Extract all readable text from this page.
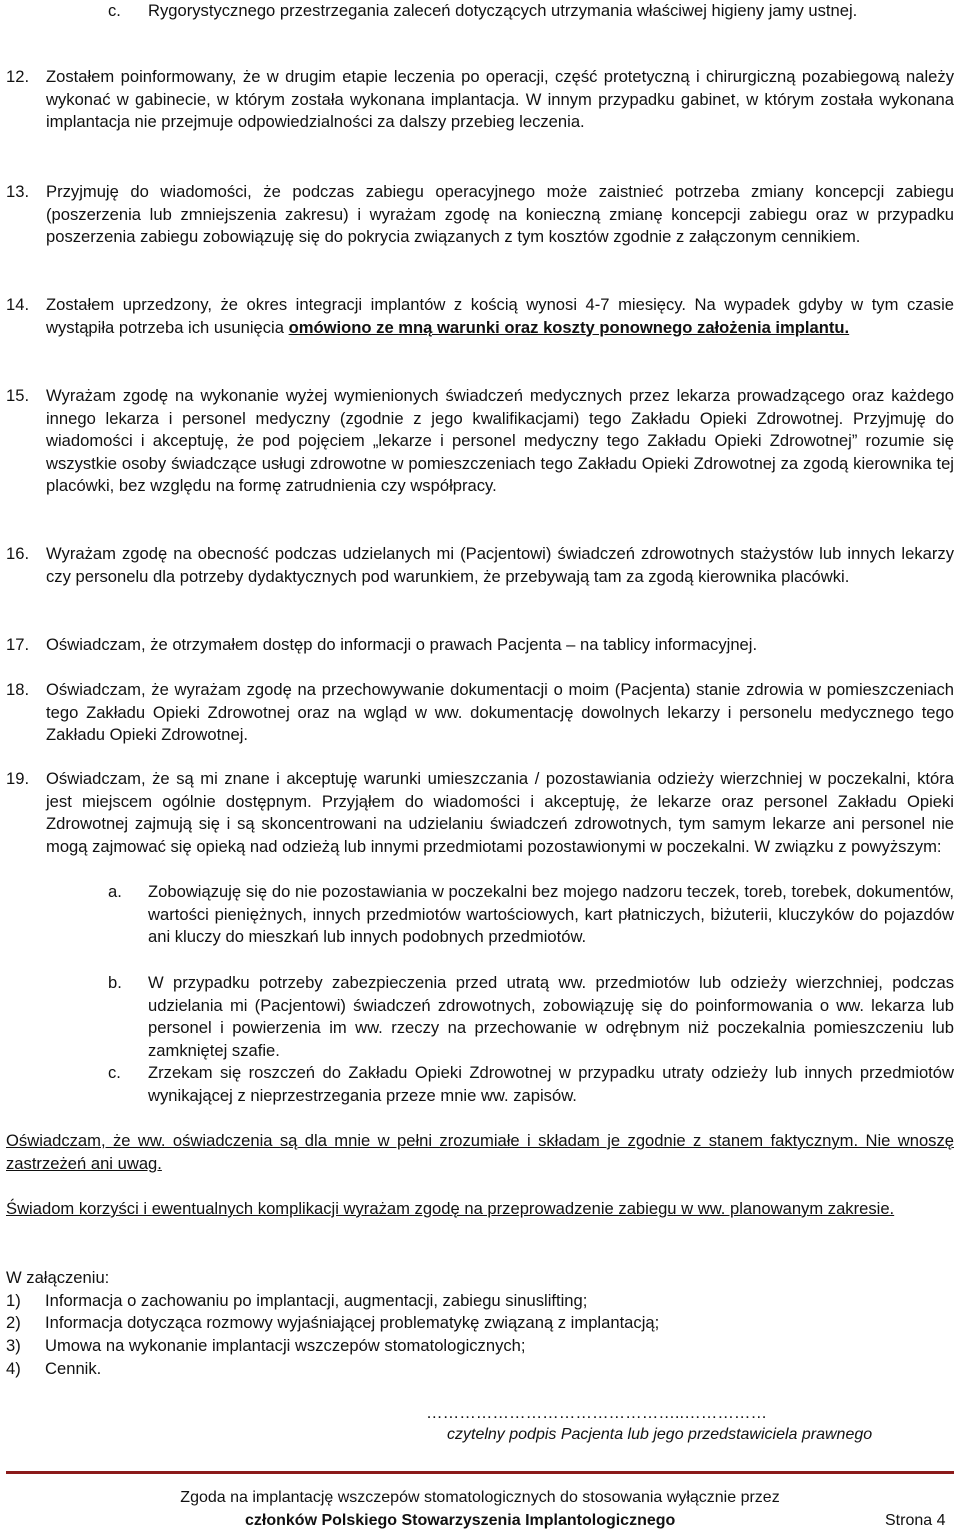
c. Rygorystycznego przestrzegania zaleceń dotyczących utrzymania właściwej higieny jamy ustnej.
12. Zostałem poinformowany, że w drugim etapie leczenia po operacji, część protetyczną i chirurgiczną pozabiegową należy wykonać w gabinecie, w którym została wykonana implantacja. W innym przypadku gabinet, w którym została wykonana implantacja nie przejmuje odpowiedzialności za dalszy przebieg leczenia.
13. Przyjmuję do wiadomości, że podczas zabiegu operacyjnego może zaistnieć potrzeba zmiany koncepcji zabiegu (poszerzenia lub zmniejszenia zakresu) i wyrażam zgodę na konieczną zmianę koncepcji zabiegu oraz w przypadku poszerzenia zabiegu zobowiązuję się do pokrycia związanych z tym kosztów zgodnie z załączonym cennikiem.
14. Zostałem uprzedzony, że okres integracji implantów z kością wynosi 4-7 miesięcy. Na wypadek gdyby w tym czasie wystąpiła potrzeba ich usunięcia omówiono ze mną warunki oraz koszty ponownego założenia implantu.
15. Wyrażam zgodę na wykonanie wyżej wymienionych świadczeń medycznych przez lekarza prowadzącego oraz każdego innego lekarza i personel medyczny (zgodnie z jego kwalifikacjami) tego Zakładu Opieki Zdrowotnej. Przyjmuję do wiadomości i akceptuję, że pod pojęciem „lekarze i personel medyczny tego Zakładu Opieki Zdrowotnej” rozumie się wszystkie osoby świadczące usługi zdrowotne w pomieszczeniach tego Zakładu Opieki Zdrowotnej za zgodą kierownika tej placówki, bez względu na formę zatrudnienia czy współpracy.
16. Wyrażam zgodę na obecność podczas udzielanych mi (Pacjentowi) świadczeń zdrowotnych stażystów lub innych lekarzy czy personelu dla potrzeby dydaktycznych pod warunkiem, że przebywają tam za zgodą kierownika placówki.
17. Oświadczam, że otrzymałem dostęp do informacji o prawach Pacjenta – na tablicy informacyjnej.
18. Oświadczam, że wyrażam zgodę na przechowywanie dokumentacji o moim (Pacjenta) stanie zdrowia w pomieszczeniach tego Zakładu Opieki Zdrowotnej oraz na wgląd w ww. dokumentację dowolnych lekarzy i personelu medycznego tego Zakładu Opieki Zdrowotnej.
19. Oświadczam, że są mi znane i akceptuję warunki umieszczania / pozostawiania odzieży wierzchniej w poczekalni, która jest miejscem ogólnie dostępnym. Przyjąłem do wiadomości i akceptuję, że lekarze oraz personel Zakładu Opieki Zdrowotnej zajmują się i są skoncentrowani na udzielaniu świadczeń zdrowotnych, tym samym lekarze ani personel nie mogą zajmować się opieką nad odzieżą lub innymi przedmiotami pozostawionymi w poczekalni. W związku z powyższym:
a. Zobowiązuję się do nie pozostawiania w poczekalni bez mojego nadzoru teczek, toreb, torebek, dokumentów, wartości pieniężnych, innych przedmiotów wartościowych, kart płatniczych, biżuterii, kluczyków do pojazdów ani kluczy do mieszkań lub innych podobnych przedmiotów.
b. W przypadku potrzeby zabezpieczenia przed utratą ww. przedmiotów lub odzieży wierzchniej, podczas udzielania mi (Pacjentowi) świadczeń zdrowotnych, zobowiązuję się do poinformowania o ww. lekarza lub personel i powierzenia im ww. rzeczy na przechowanie w odrębnym niż poczekalnia pomieszczeniu lub zamkniętej szafie.
c. Zrzekam się roszczeń do Zakładu Opieki Zdrowotnej w przypadku utraty odzieży lub innych przedmiotów wynikającej z nieprzestrzegania przeze mnie ww. zapisów.
Oświadczam, że ww. oświadczenia są dla mnie w pełni zrozumiałe i składam je zgodnie z stanem faktycznym. Nie wnoszę zastrzeżeń ani uwag.
Świadom korzyści i ewentualnych komplikacji wyrażam zgodę na przeprowadzenie zabiegu w ww. planowanym zakresie.
W załączeniu:
1) Informacja o zachowaniu po implantacji, augmentacji, zabiegu sinuslifting;
2) Informacja dotycząca rozmowy wyjaśniającej problematykę związaną z implantacją;
3) Umowa na wykonanie implantacji wszczepów stomatologicznych;
4) Cennik.
………………………………………..……………
czytelny podpis Pacjenta lub jego przedstawiciela prawnego
Zgoda na implantację wszczepów stomatologicznych do stosowania wyłącznie przez
członków Polskiego Stowarzyszenia Implantologicznego	Strona 4
